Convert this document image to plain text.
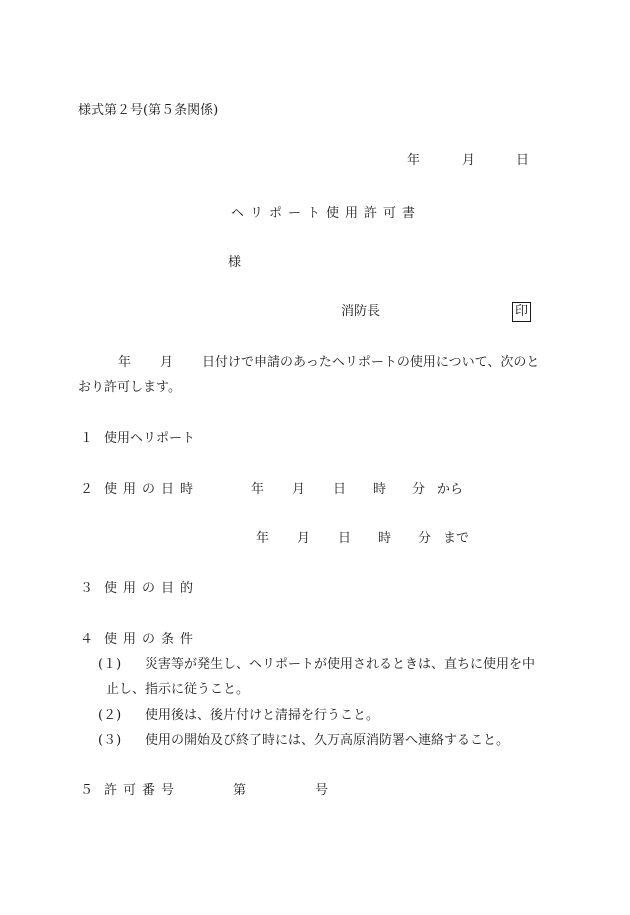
様式第２号(第５条関係)
年	月	日
ヘリポート使用許可書
様
消防長	印
年 月 日付けで申請のあったヘリポートの使用について、次のと
おり許可します。
１ 使用ヘリポート
２ 使用の日時	年 月 日 時 分 から
年 月 日 時 分 まで
３ 使用の目的
４ 使用の条件
(１) 災害等が発生し、ヘリポートが使用されるときは、直ちに使用を中
止し、指示に従うこと。
(２) 使用後は、後片付けと清掃を行うこと。
(３) 使用の開始及び終了時には、久万高原消防署へ連絡すること。
５ 許可番号	第	号
